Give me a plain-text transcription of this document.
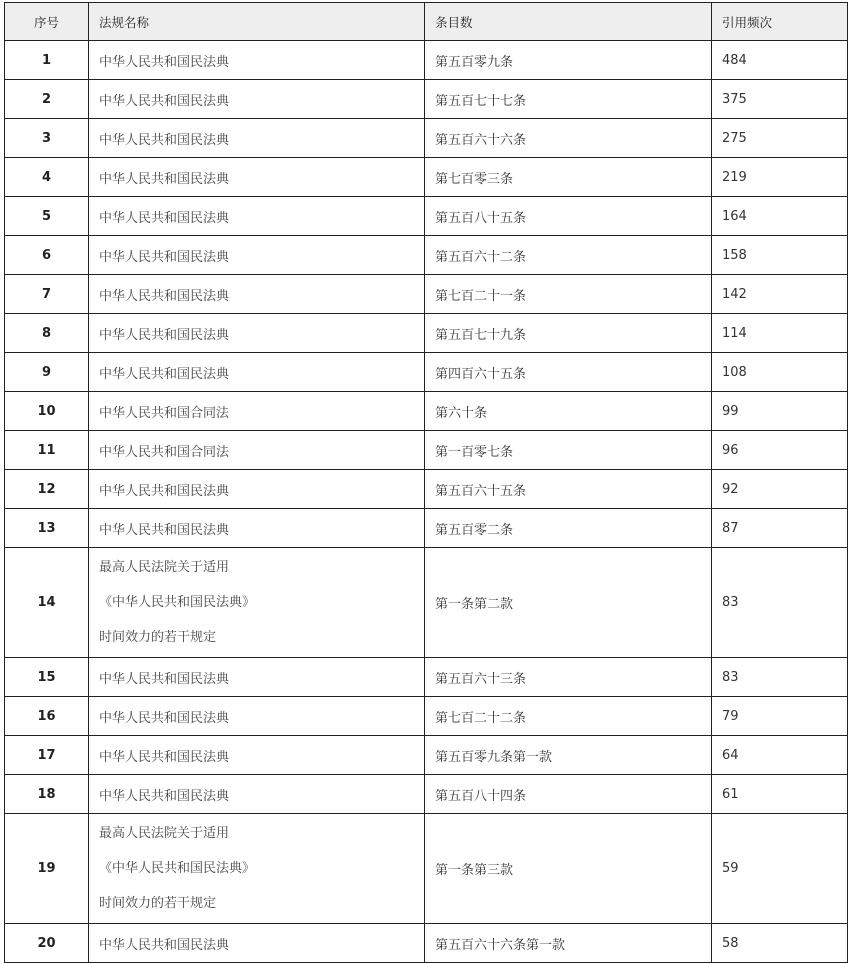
序号	法规名称	条目数	引用频次
1	中华人民共和国民法典	第五百零九条	484
2	中华人民共和国民法典	第五百七十七条	375
3	中华人民共和国民法典	第五百六十六条	275
4	中华人民共和国民法典	第七百零三条	219
5	中华人民共和国民法典	第五百八十五条	164
6	中华人民共和国民法典	第五百六十二条	158
7	中华人民共和国民法典	第七百二十一条	142
8	中华人民共和国民法典	第五百七十九条	114
9	中华人民共和国民法典	第四百六十五条	108
10	中华人民共和国合同法	第六十条	99
11	中华人民共和国合同法	第一百零七条	96
12	中华人民共和国民法典	第五百六十五条	92
13	中华人民共和国民法典	第五百零二条	87
14	最高人民法院关于适用
《中华人民共和国民法典》
时间效力的若干规定	第一条第二款	83
15	中华人民共和国民法典	第五百六十三条	83
16	中华人民共和国民法典	第七百二十二条	79
17	中华人民共和国民法典	第五百零九条第一款	64
18	中华人民共和国民法典	第五百八十四条	61
19	最高人民法院关于适用
《中华人民共和国民法典》
时间效力的若干规定	第一条第三款	59
20	中华人民共和国民法典	第五百六十六条第一款	58
